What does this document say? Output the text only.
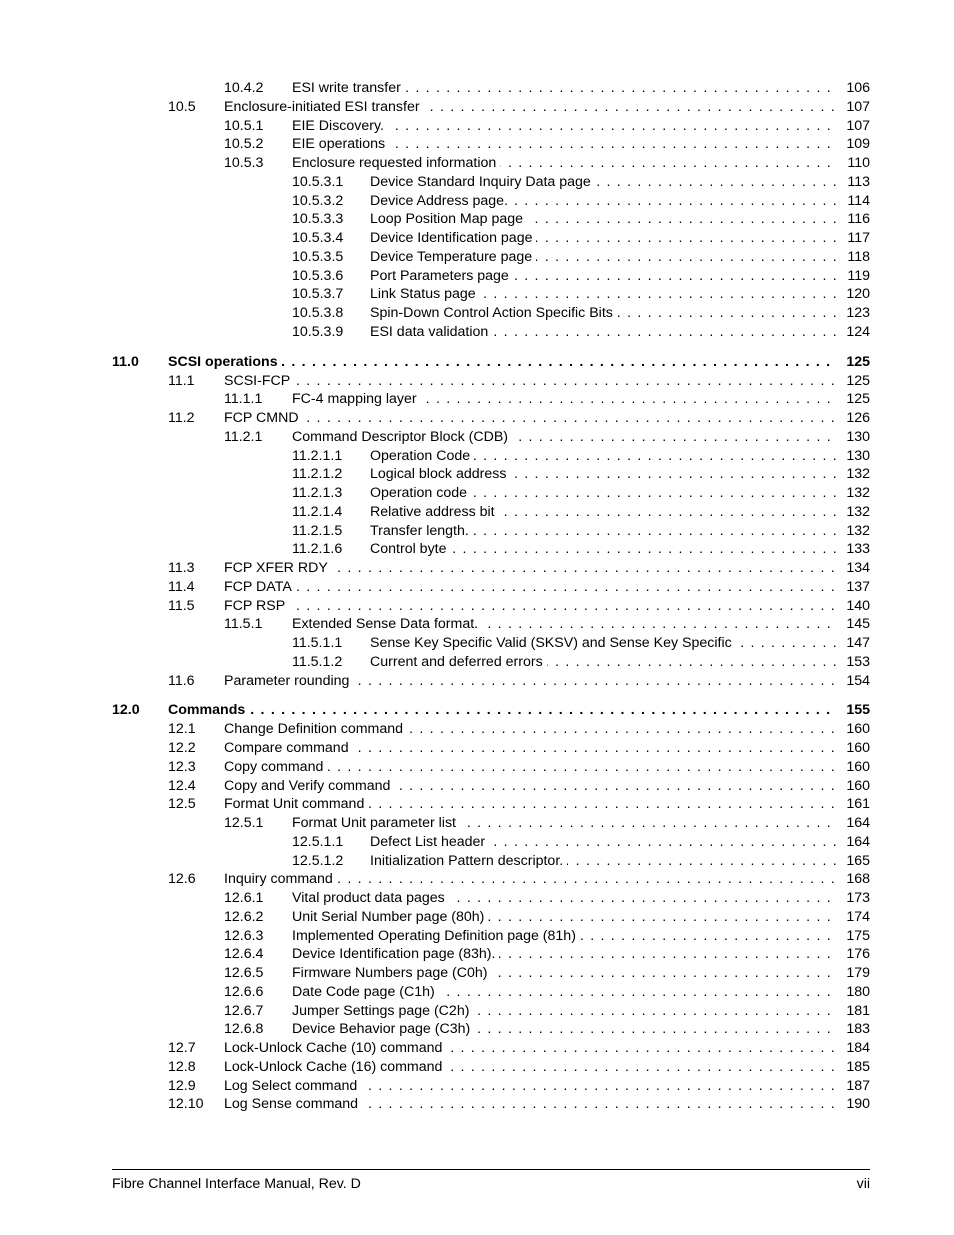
10.4.2 ESI write transfer . . .	106
10.5 Enclosure-initiated ESI transfer . . .	107
10.5.1 EIE Discovery. . . .	107
10.5.2 EIE operations . . .	109
10.5.3 Enclosure requested information . . .	110
10.5.3.1 Device Standard Inquiry Data page . . .	113
10.5.3.2 Device Address page. . . .	114
10.5.3.3 Loop Position Map page . . .	116
10.5.3.4 Device Identification page . . .	117
10.5.3.5 Device Temperature page . . .	118
10.5.3.6 Port Parameters page . . .	119
10.5.3.7 Link Status page . . .	120
10.5.3.8 Spin-Down Control Action Specific Bits . . .	123
10.5.3.9 ESI data validation . . .	124
11.0 SCSI operations . . .	125
11.1 SCSI-FCP . . .	125
11.1.1 FC-4 mapping layer . . .	125
11.2 FCP CMND . . .	126
11.2.1 Command Descriptor Block (CDB) . . .	130
11.2.1.1 Operation Code . . .	130
11.2.1.2 Logical block address . . .	132
11.2.1.3 Operation code . . .	132
11.2.1.4 Relative address bit . . .	132
11.2.1.5 Transfer length. . . .	132
11.2.1.6 Control byte . . .	133
11.3 FCP XFER RDY . . .	134
11.4 FCP DATA . . .	137
11.5 FCP RSP . . .	140
11.5.1 Extended Sense Data format. . . .	145
11.5.1.1 Sense Key Specific Valid (SKSV) and Sense Key Specific . . .	147
11.5.1.2 Current and deferred errors . . .	153
11.6 Parameter rounding . . .	154
12.0 Commands . . .	155
12.1 Change Definition command . . .	160
12.2 Compare command . . .	160
12.3 Copy command . . .	160
12.4 Copy and Verify command . . .	160
12.5 Format Unit command . . .	161
12.5.1 Format Unit parameter list . . .	164
12.5.1.1 Defect List header . . .	164
12.5.1.2 Initialization Pattern descriptor. . . .	165
12.6 Inquiry command . . .	168
12.6.1 Vital product data pages . . .	173
12.6.2 Unit Serial Number page (80h) . . .	174
12.6.3 Implemented Operating Definition page (81h) . . .	175
12.6.4 Device Identification page (83h). . . .	176
12.6.5 Firmware Numbers page (C0h) . . .	179
12.6.6 Date Code page (C1h) . . .	180
12.6.7 Jumper Settings page (C2h) . . .	181
12.6.8 Device Behavior page (C3h) . . .	183
12.7 Lock-Unlock Cache (10) command . . .	184
12.8 Lock-Unlock Cache (16) command . . .	185
12.9 Log Select command . . .	187
12.10 Log Sense command . . .	190
Fibre Channel Interface Manual, Rev. D	vii
